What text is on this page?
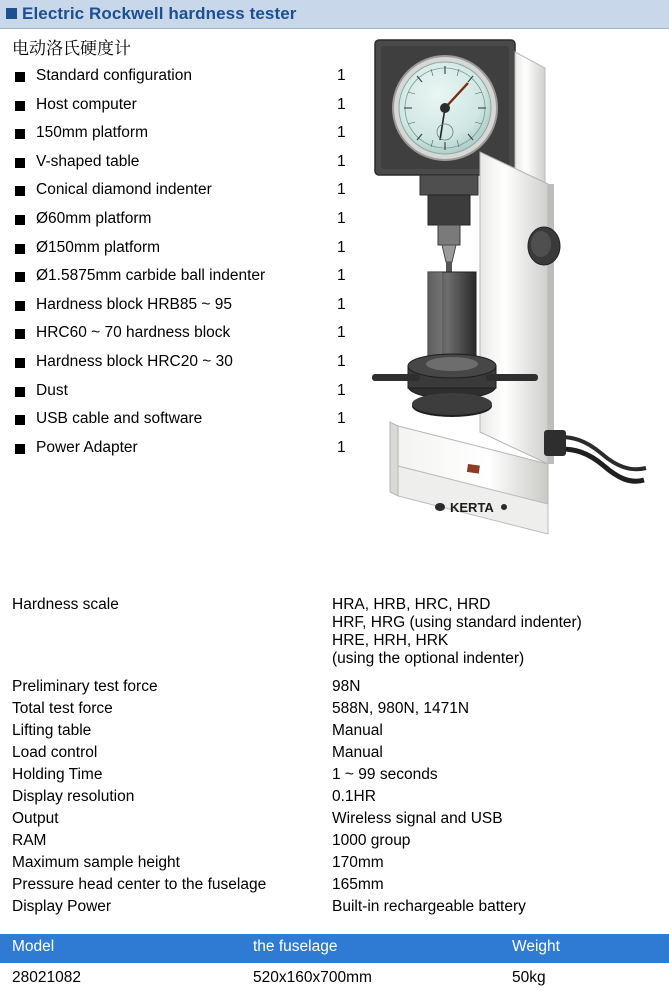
Electric Rockwell hardness tester
电动洛氏硬度计
Standard configuration	1
Host computer	1
150mm platform	1
V-shaped table	1
Conical diamond indenter	1
Ø60mm platform	1
Ø150mm platform	1
Ø1.5875mm carbide ball indenter	1
Hardness block HRB85 ~ 95	1
HRC60 ~ 70 hardness block	1
Hardness block HRC20 ~ 30	1
Dust	1
USB cable and software	1
Power Adapter	1
KERTA
Hardness scale	HRA, HRB, HRC, HRD
HRF, HRG (using standard indenter)
HRE, HRH, HRK
(using the optional indenter)
Preliminary test force	98N
Total test force	588N, 980N, 1471N
Lifting table	Manual
Load control	Manual
Holding Time	1 ~ 99 seconds
Display resolution	0.1HR
Output	Wireless signal and USB
RAM	1000 group
Maximum sample height	170mm
Pressure head center to the fuselage	165mm
Display Power	Built-in rechargeable battery
Model	the fuselage	Weight
28021082	520x160x700mm	50kg
